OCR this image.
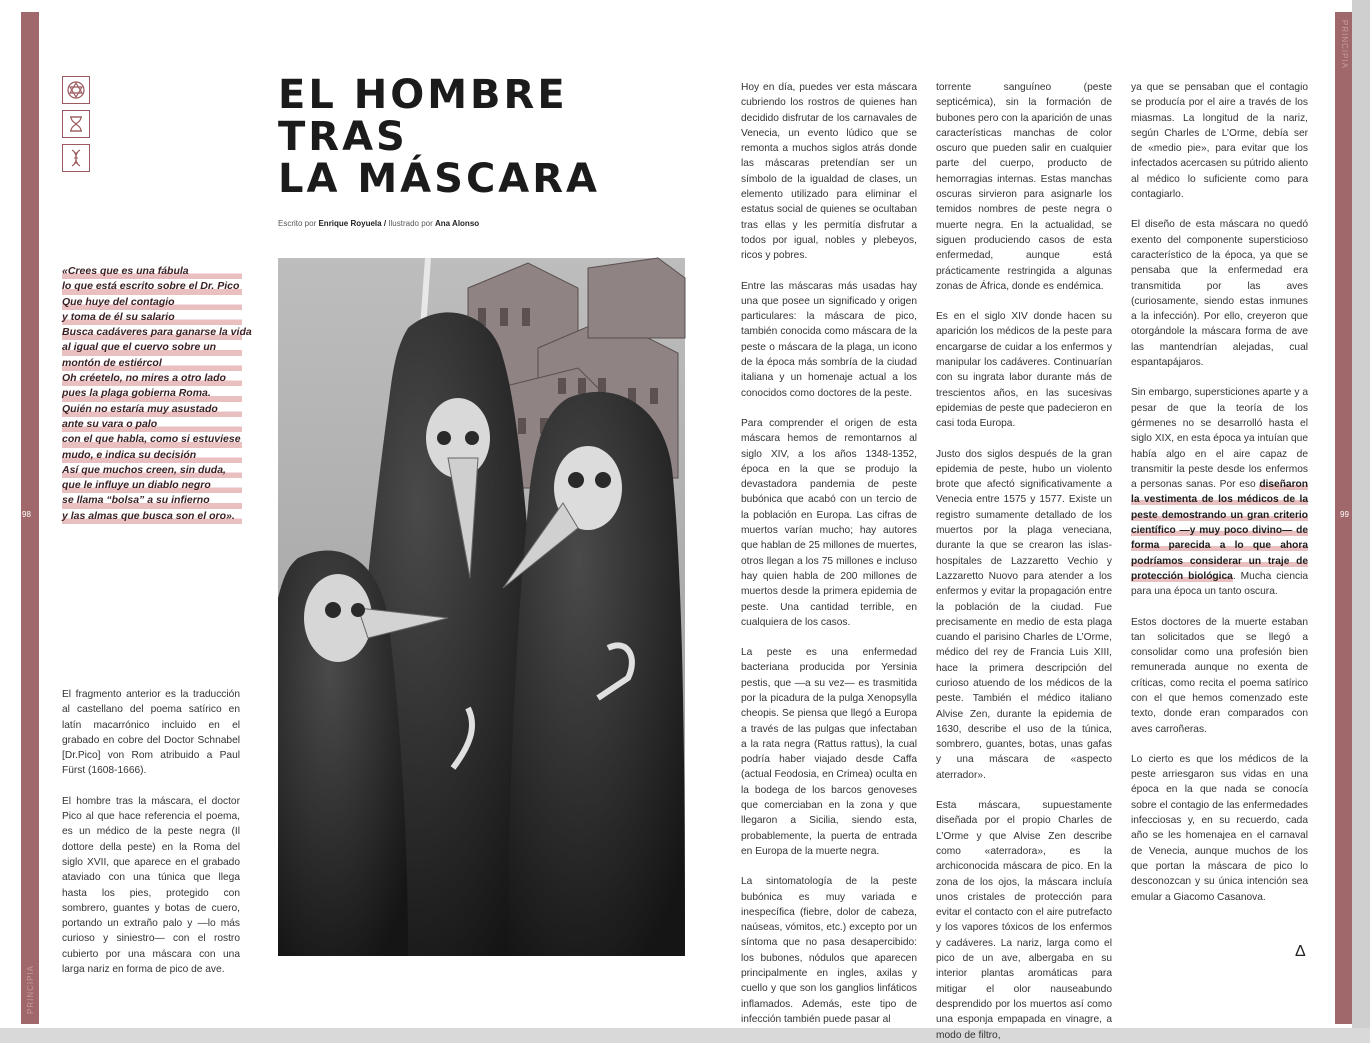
98	99
PRINCIPIA
PRINCIPIA
EL HOMBRE
TRAS
LA MÁSCARA
Escrito por Enrique Royuela / Ilustrado por Ana Alonso
«Crees que es una fábula
lo que está escrito sobre el Dr. Pico
Que huye del contagio
y toma de él su salario
Busca cadáveres para ganarse la vida
al igual que el cuervo sobre un
montón de estiércol
Oh créetelo, no mires a otro lado
pues la plaga gobierna Roma.
Quién no estaría muy asustado
ante su vara o palo
con el que habla, como si estuviese
mudo, e indica su decisión
Así que muchos creen, sin duda,
que le influye un diablo negro
se llama “bolsa” a su infierno
y las almas que busca son el oro».

El fragmento anterior es la traducción al castellano del poema satírico en latín macarrónico incluido en el grabado en cobre del Doctor Schnabel [Dr.Pico] von Rom atribuido a Paul Fürst (1608-1666).

El hombre tras la máscara, el doctor Pico al que hace referencia el poema, es un médico de la peste negra (Il dottore della peste) en la Roma del siglo XVII, que aparece en el grabado ataviado con una túnica que llega hasta los pies, protegido con sombrero, guantes y botas de cuero, portando un extraño palo y —lo más curioso y siniestro— con el rostro cubierto por una máscara con una larga nariz en forma de pico de ave.

Hoy en día, puedes ver esta máscara cubriendo los rostros de quienes han decidido disfrutar de los carnavales de Venecia, un evento lúdico que se remonta a muchos siglos atrás donde las máscaras pretendían ser un símbolo de la igualdad de clases, un elemento utilizado para eliminar el estatus social de quienes se ocultaban tras ellas y les permitía disfrutar a todos por igual, nobles y plebeyos, ricos y pobres.

Entre las máscaras más usadas hay una que posee un significado y origen particulares: la máscara de pico, también conocida como máscara de la peste o máscara de la plaga, un icono de la época más sombría de la ciudad italiana y un homenaje actual a los conocidos como doctores de la peste.

Para comprender el origen de esta máscara hemos de remontarnos al siglo XIV, a los años 1348-1352, época en la que se produjo la devastadora pandemia de peste bubónica que acabó con un tercio de la población en Europa. Las cifras de muertos varían mucho; hay autores que hablan de 25 millones de muertes, otros llegan a los 75 millones e incluso hay quien habla de 200 millones de muertos desde la primera epidemia de peste. Una cantidad terrible, en cualquiera de los casos.

La peste es una enfermedad bacteriana producida por Yersinia pestis, que —a su vez— es trasmitida por la picadura de la pulga Xenopsylla cheopis. Se piensa que llegó a Europa a través de las pulgas que infectaban a la rata negra (Rattus rattus), la cual podría haber viajado desde Caffa (actual Feodosia, en Crimea) oculta en la bodega de los barcos genoveses que comerciaban en la zona y que llegaron a Sicilia, siendo esta, probablemente, la puerta de entrada en Europa de la muerte negra.

La sintomatología de la peste bubónica es muy variada e inespecífica (fiebre, dolor de cabeza, naúseas, vómitos, etc.) excepto por un síntoma que no pasa desapercibido: los bubones, nódulos que aparecen principalmente en ingles, axilas y cuello y que son los ganglios linfáticos inflamados. Además, este tipo de infección también puede pasar al

torrente sanguíneo (peste septicémica), sin la formación de bubones pero con la aparición de unas características manchas de color oscuro que pueden salir en cualquier parte del cuerpo, producto de hemorragias internas. Estas manchas oscuras sirvieron para asignarle los temidos nombres de peste negra o muerte negra. En la actualidad, se siguen produciendo casos de esta enfermedad, aunque está prácticamente restringida a algunas zonas de África, donde es endémica.

Es en el siglo XIV donde hacen su aparición los médicos de la peste para encargarse de cuidar a los enfermos y manipular los cadáveres. Continuarían con su ingrata labor durante más de trescientos años, en las sucesivas epidemias de peste que padecieron en casi toda Europa.

Justo dos siglos después de la gran epidemia de peste, hubo un violento brote que afectó significativamente a Venecia entre 1575 y 1577. Existe un registro sumamente detallado de los muertos por la plaga veneciana, durante la que se crearon las islas-hospitales de Lazzaretto Vechio y Lazzaretto Nuovo para atender a los enfermos y evitar la propagación entre la población de la ciudad. Fue precisamente en medio de esta plaga cuando el parisino Charles de L’Orme, médico del rey de Francia Luis XIII, hace la primera descripción del curioso atuendo de los médicos de la peste. También el médico italiano Alvise Zen, durante la epidemia de 1630, describe el uso de la túnica, sombrero, guantes, botas, unas gafas y una máscara de «aspecto aterrador».

Esta máscara, supuestamente diseñada por el propio Charles de L’Orme y que Alvise Zen describe como «aterradora», es la archiconocida máscara de pico. En la zona de los ojos, la máscara incluía unos cristales de protección para evitar el contacto con el aire putrefacto y los vapores tóxicos de los enfermos y cadáveres. La nariz, larga como el pico de un ave, albergaba en su interior plantas aromáticas para mitigar el olor nauseabundo desprendido por los muertos así como una esponja empapada en vinagre, a modo de filtro,

ya que se pensaban que el contagio se producía por el aire a través de los miasmas. La longitud de la nariz, según Charles de L’Orme, debía ser de «medio pie», para evitar que los infectados acercasen su pútrido aliento al médico lo suficiente como para contagiarlo.

El diseño de esta máscara no quedó exento del componente supersticioso característico de la época, ya que se pensaba que la enfermedad era transmitida por las aves (curiosamente, siendo estas inmunes a la infección). Por ello, creyeron que otorgándole la máscara forma de ave las mantendrían alejadas, cual espantapájaros.

Sin embargo, supersticiones aparte y a pesar de que la teoría de los gérmenes no se desarrolló hasta el siglo XIX, en esta época ya intuían que había algo en el aire capaz de transmitir la peste desde los enfermos a personas sanas. Por eso diseñaron la vestimenta de los médicos de la peste demostrando un gran criterio científico —y muy poco divino— de forma parecida a lo que ahora podríamos considerar un traje de protección biológica. Mucha ciencia para una época un tanto oscura.

Estos doctores de la muerte estaban tan solicitados que se llegó a consolidar como una profesión bien remunerada aunque no exenta de críticas, como recita el poema satírico con el que hemos comenzado este texto, donde eran comparados con aves carroñeras.

Lo cierto es que los médicos de la peste arriesgaron sus vidas en una época en la que nada se conocía sobre el contagio de las enfermedades infecciosas y, en su recuerdo, cada año se les homenajea en el carnaval de Venecia, aunque muchos de los que portan la máscara de pico lo desconozcan y su única intención sea emular a Giacomo Casanova.

Δ
